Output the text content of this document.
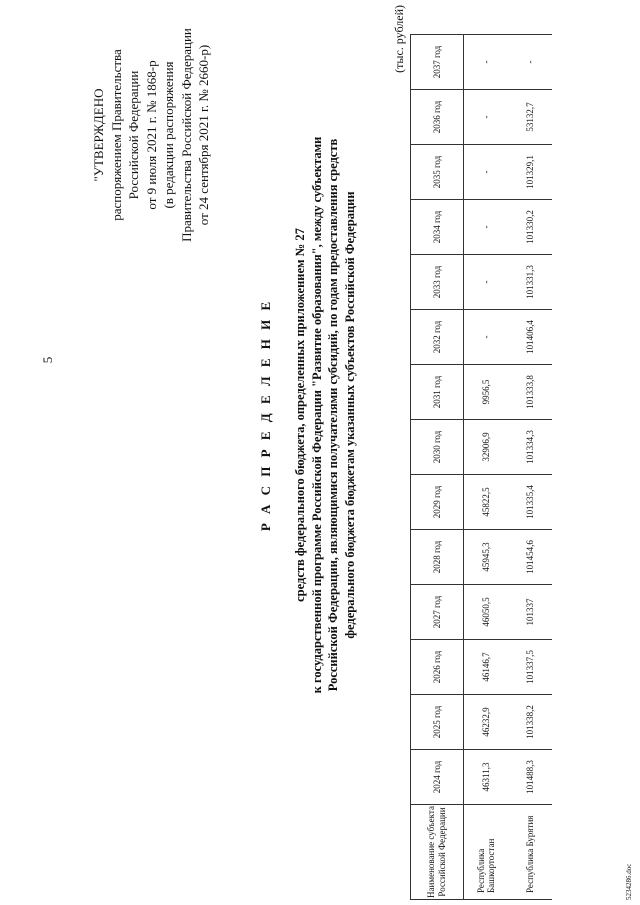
5
"УТВЕРЖДЕНО распоряжением Правительства Российской Федерации от 9 июля 2021 г. № 1868-р (в редакции распоряжения Правительства Российской Федерации от 24 сентября 2021 г. № 2660-р)
Р А С П Р Е Д Е Л Е Н И Е средств федерального бюджета, определенных приложением № 27 к государственной программе Российской Федерации "Развитие образования", между субъектами Российской Федерации, являющимися получателями субсидий, по годам предоставления средств федерального бюджета бюджетам указанных субъектов Российской Федерации
(тыс. рублей)
Наименование субъекта Российской Федерации	2024 год	2025 год	2026 год	2027 год	2028 год	2029 год	2030 год	2031 год	2032 год	2033 год	2034 год	2035 год	2036 год	2037 год
Республика Башкортостан	46311,3	46232,9	46146,7	46050,5	45945,3	45822,5	32906,9	9956,5	-	-	-	-	-	-
Республика Бурятия	101488,3	101338,2	101337,5	101337	101454,6	101335,4	101334,3	101333,8	101406,4	101331,3	101330,2	101329,1	53132,7	-
5234286.doc
